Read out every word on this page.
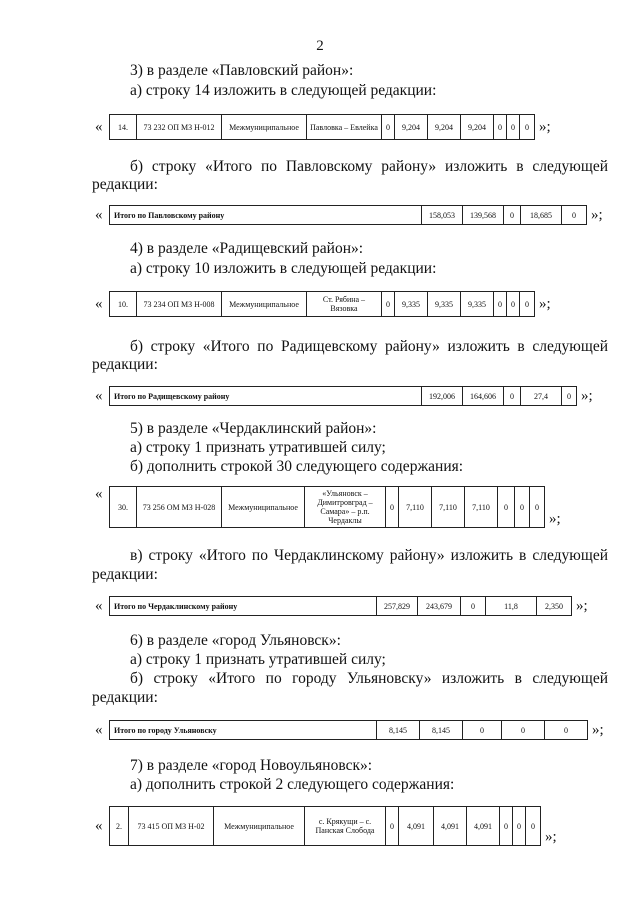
2
3) в разделе «Павловский район»:
а) строку 14 изложить в следующей редакции:
«	14.	73 232 ОП МЗ Н-012	Межмуниципальное	Павловка – Евлейка	0	9,204	9,204	9,204	0	0	0 »;
б) строку «Итого по Павловскому району» изложить в следующей
редакции:
«	Итого по Павловскому району	158,053	139,568	0	18,685	0 »;
4) в разделе «Радищевский район»:
а) строку 10 изложить в следующей редакции:
«	10.	73 234 ОП МЗ Н-008	Межмуниципальное	Ст. Рябина – Вязовка	0	9,335	9,335	9,335	0	0	0 »;
б) строку «Итого по Радищевскому району» изложить в следующей
редакции:
«	Итого по Радищевскому району	192,006	164,606	0	27,4	0 »;
5) в разделе «Чердаклинский район»:
а) строку 1 признать утратившей силу;
б) дополнить строкой 30 следующего содержания:
«
30.	73 256 ОМ МЗ Н-028	Межмуниципальное	«Ульяновск – Димитровград – Самара» – р.п. Чердаклы	0	7,110	7,110	7,110	0	0	0
»;
в) строку «Итого по Чердаклинскому району» изложить в следующей
редакции:
«	Итого по Чердаклинскому району	257,829	243,679	0	11,8	2,350 »;
6) в разделе «город Ульяновск»:
а) строку 1 признать утратившей силу;
б) строку «Итого по городу Ульяновску» изложить в следующей
редакции:
«	Итого по городу Ульяновску	8,145	8,145	0	0	0 »;
7) в разделе «город Новоульяновск»:
а) дополнить строкой 2 следующего содержания:
«	2.	73 415 ОП МЗ Н-02	Межмуниципальное	с. Крякущи – с. Панская Слобода	0	4,091	4,091	4,091	0	0	0
»;
